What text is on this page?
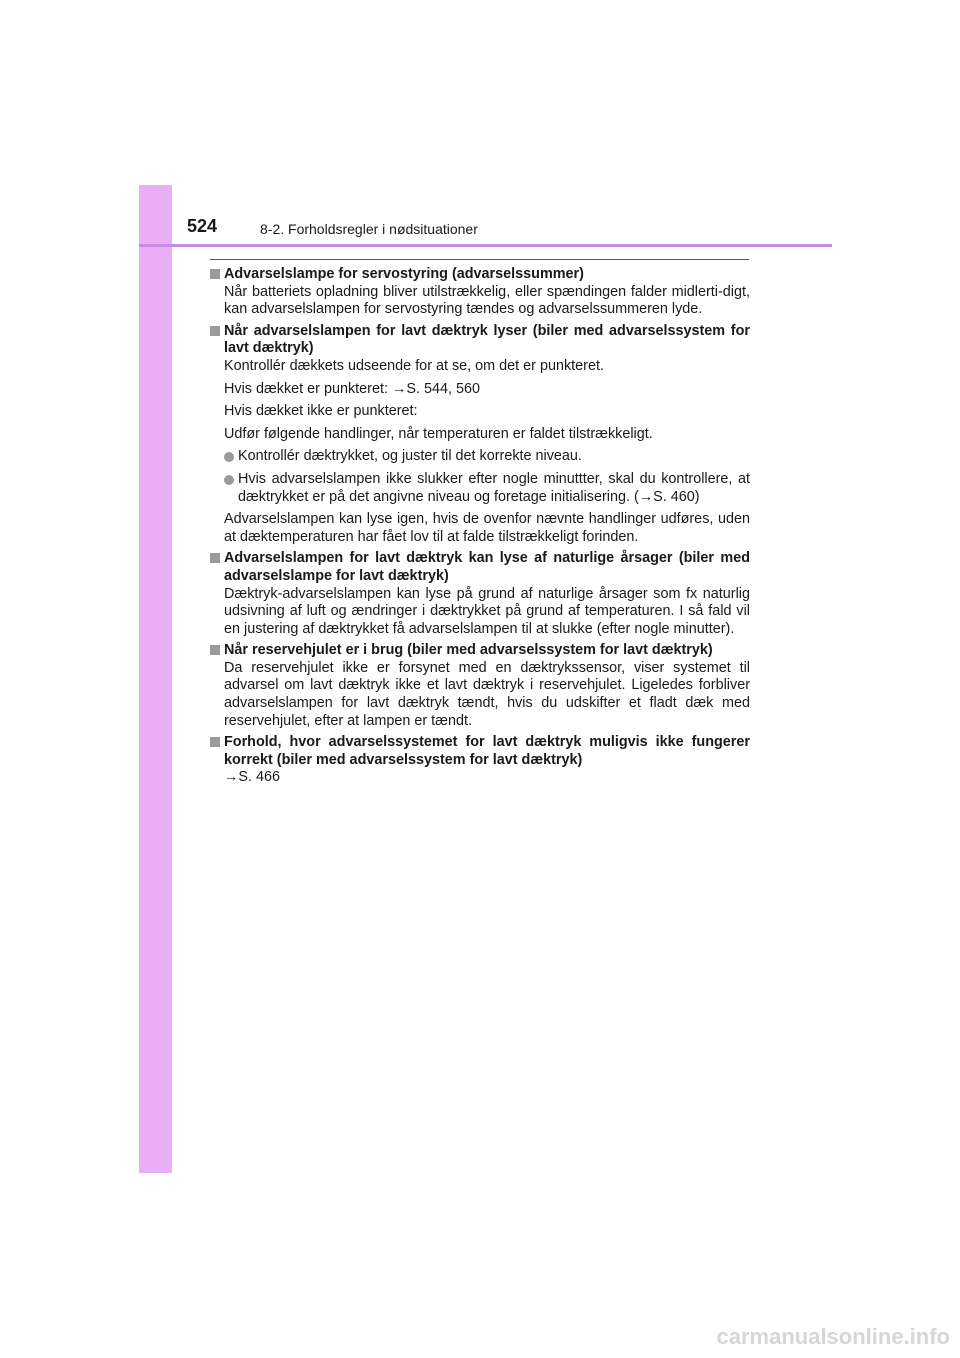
524	8-2. Forholdsregler i nødsituationer
Advarselslampe for servostyring (advarselssummer)
Når batteriets opladning bliver utilstrækkelig, eller spændingen falder midlerti-digt, kan advarselslampen for servostyring tændes og advarselssummeren lyde.
Når advarselslampen for lavt dæktryk lyser (biler med advarselssystem for lavt dæktryk)
Kontrollér dækkets udseende for at se, om det er punkteret.
Hvis dækket er punkteret: →S. 544, 560
Hvis dækket ikke er punkteret:
Udfør følgende handlinger, når temperaturen er faldet tilstrækkeligt.
Kontrollér dæktrykket, og juster til det korrekte niveau.
Hvis advarselslampen ikke slukker efter nogle minuttter, skal du kontrollere, at dæktrykket er på det angivne niveau og foretage initialisering. (→S. 460)
Advarselslampen kan lyse igen, hvis de ovenfor nævnte handlinger udføres, uden at dæktemperaturen har fået lov til at falde tilstrækkeligt forinden.
Advarselslampen for lavt dæktryk kan lyse af naturlige årsager (biler med advarselslampe for lavt dæktryk)
Dæktryk-advarselslampen kan lyse på grund af naturlige årsager som fx naturlig udsivning af luft og ændringer i dæktrykket på grund af temperaturen. I så fald vil en justering af dæktrykket få advarselslampen til at slukke (efter nogle minutter).
Når reservehjulet er i brug (biler med advarselssystem for lavt dæktryk)
Da reservehjulet ikke er forsynet med en dæktrykssensor, viser systemet til advarsel om lavt dæktryk ikke et lavt dæktryk i reservehjulet. Ligeledes forbliver advarselslampen for lavt dæktryk tændt, hvis du udskifter et fladt dæk med reservehjulet, efter at lampen er tændt.
Forhold, hvor advarselssystemet for lavt dæktryk muligvis ikke fungerer korrekt (biler med advarselssystem for lavt dæktryk)
→S. 466
carmanualsonline.info
